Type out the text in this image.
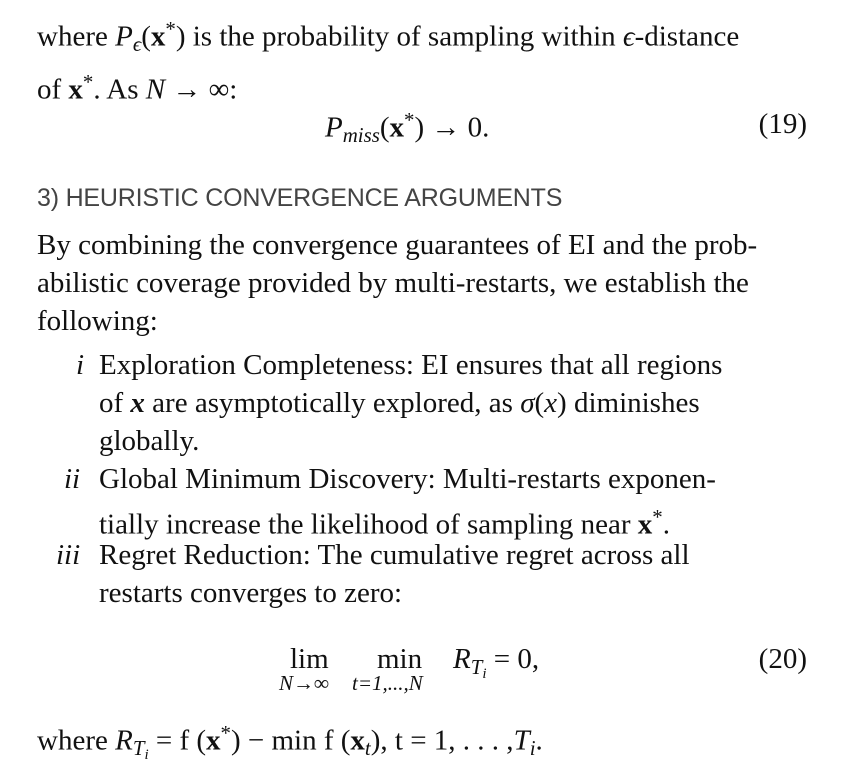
where $P_\epsilon(x^*)$ is the probability of sampling within ϵ-distance
of x*. As N → ∞:
$P_{miss}(x^*) \to 0$.	(19)
3) HEURISTIC CONVERGENCE ARGUMENTS
By combining the convergence guarantees of EI and the prob-
abilistic coverage provided by multi-restarts, we establish the
following:
i Exploration Completeness: EI ensures that all regions
of x are asymptotically explored, as σ(x) diminishes
globally.
ii Global Minimum Discovery: Multi-restarts exponen-
tially increase the likelihood of sampling near x*.
iii Regret Reduction: The cumulative regret across all
restarts converges to zero:
lim
N→∞
min
t=1,...,N
$R_{T_i} = 0$,	(20)
where $R_{T_i} = f$ (x*) − min f $(x_t)$, t = 1, . . . $,T_i$.
